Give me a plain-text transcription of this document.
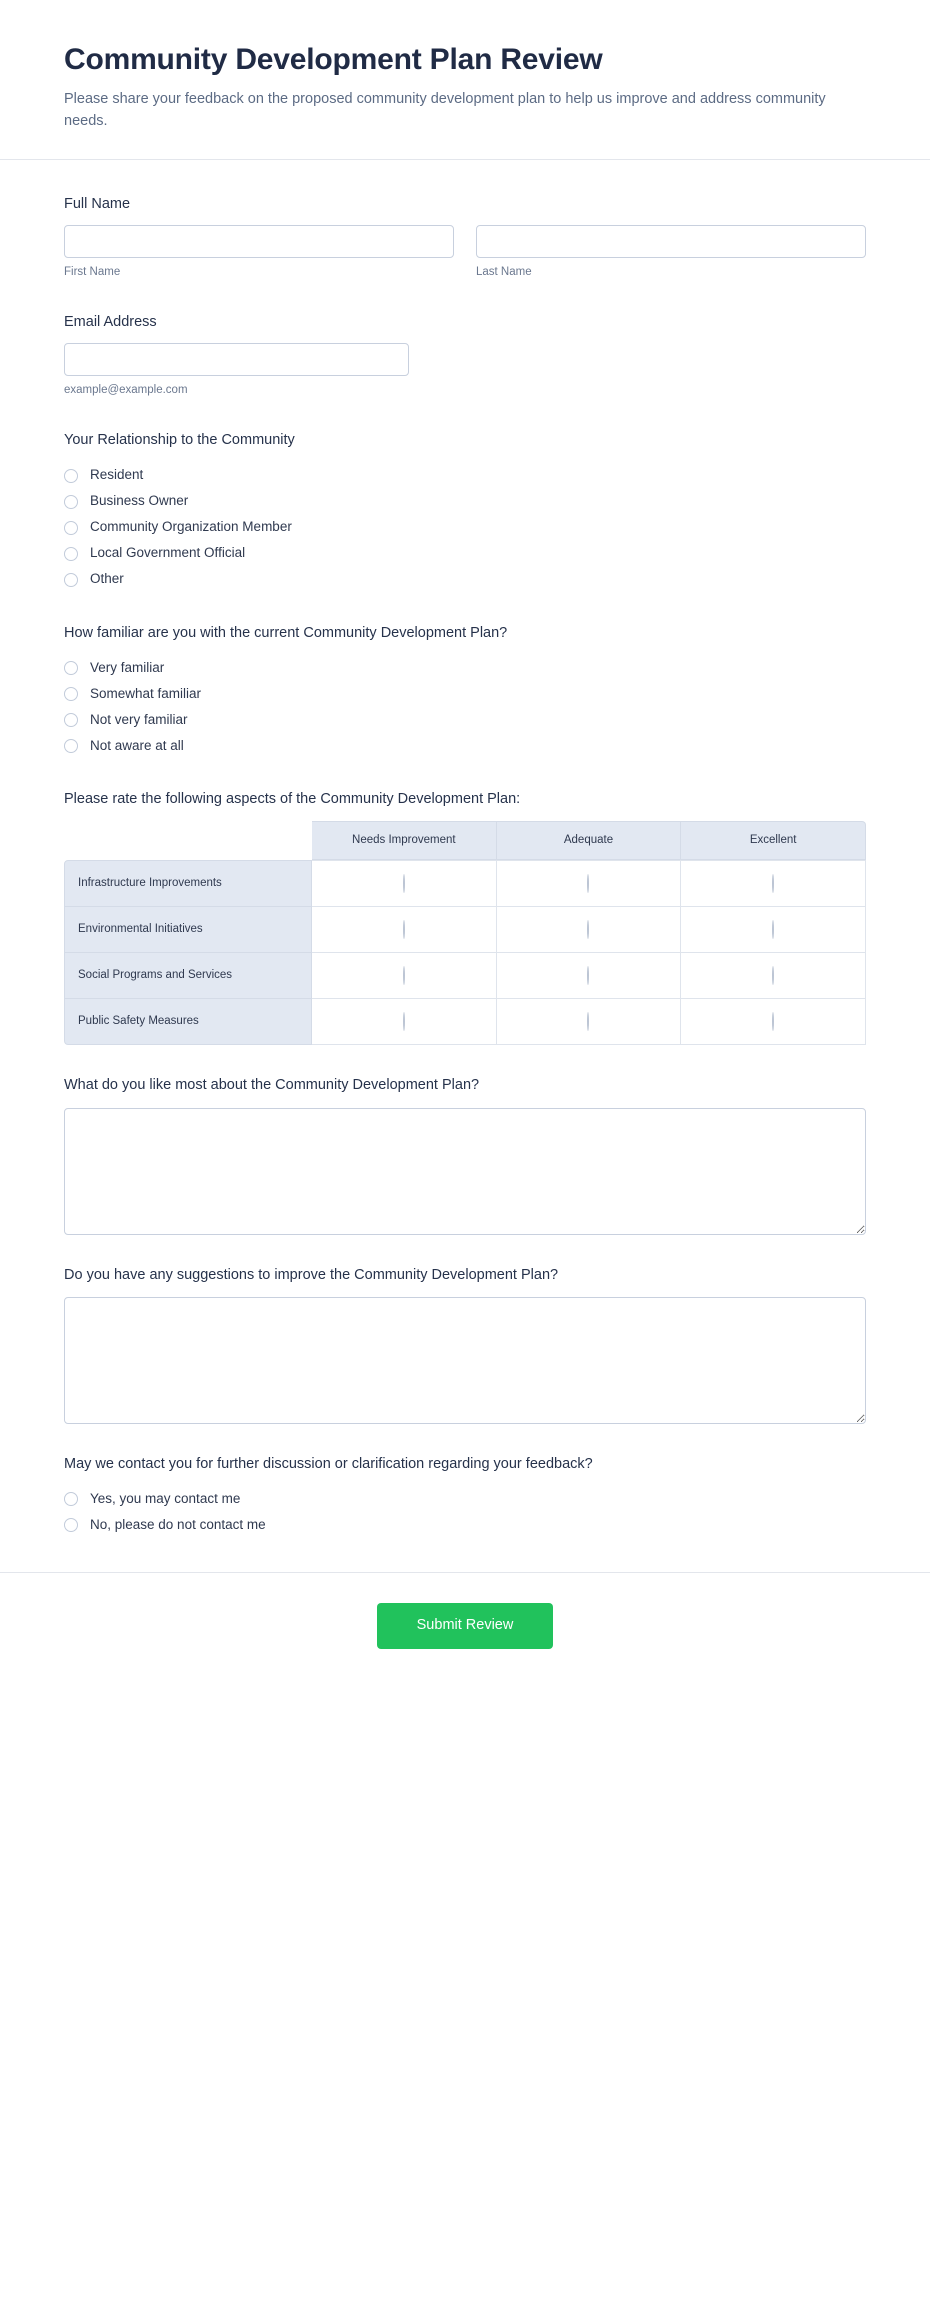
Community Development Plan Review

Please share your feedback on the proposed community development plan to help us improve and address community needs.

Full Name
First Name	Last Name
Email Address
example@example.com
Your Relationship to the Community
Resident
Business Owner
Community Organization Member
Local Government Official
Other
How familiar are you with the current Community Development Plan?
Very familiar
Somewhat familiar
Not very familiar
Not aware at all
Please rate the following aspects of the Community Development Plan:
	Needs Improvement	Adequate	Excellent
Infrastructure Improvements			
Environmental Initiatives			
Social Programs and Services			
Public Safety Measures			
What do you like most about the Community Development Plan?
Do you have any suggestions to improve the Community Development Plan?
May we contact you for further discussion or clarification regarding your feedback?
Yes, you may contact me
No, please do not contact me
Submit Review
